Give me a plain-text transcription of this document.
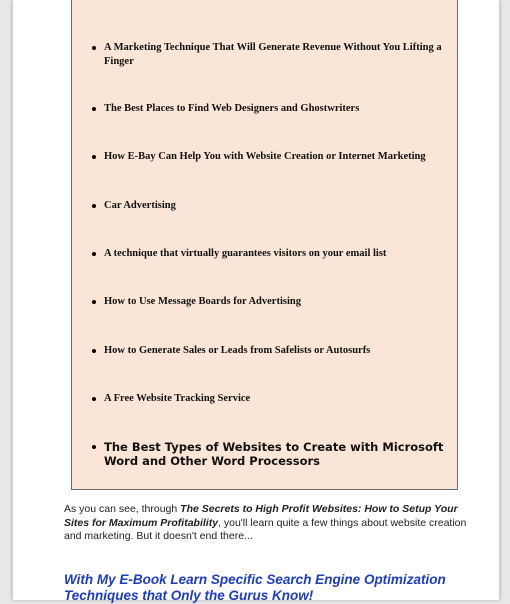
A Marketing Technique That Will Generate Revenue Without You Lifting a Finger
The Best Places to Find Web Designers and Ghostwriters
How E-Bay Can Help You with Website Creation or Internet Marketing
Car Advertising
A technique that virtually guarantees visitors on your email list
How to Use Message Boards for Advertising
How to Generate Sales or Leads from Safelists or Autosurfs
A Free Website Tracking Service
The Best Types of Websites to Create with Microsoft Word and Other Word Processors

As you can see, through The Secrets to High Profit Websites: How to Setup Your Sites for Maximum Profitability, you'll learn quite a few things about website creation and marketing. But it doesn't end there...

With My E-Book Learn Specific Search Engine Optimization Techniques that Only the Gurus Know!
